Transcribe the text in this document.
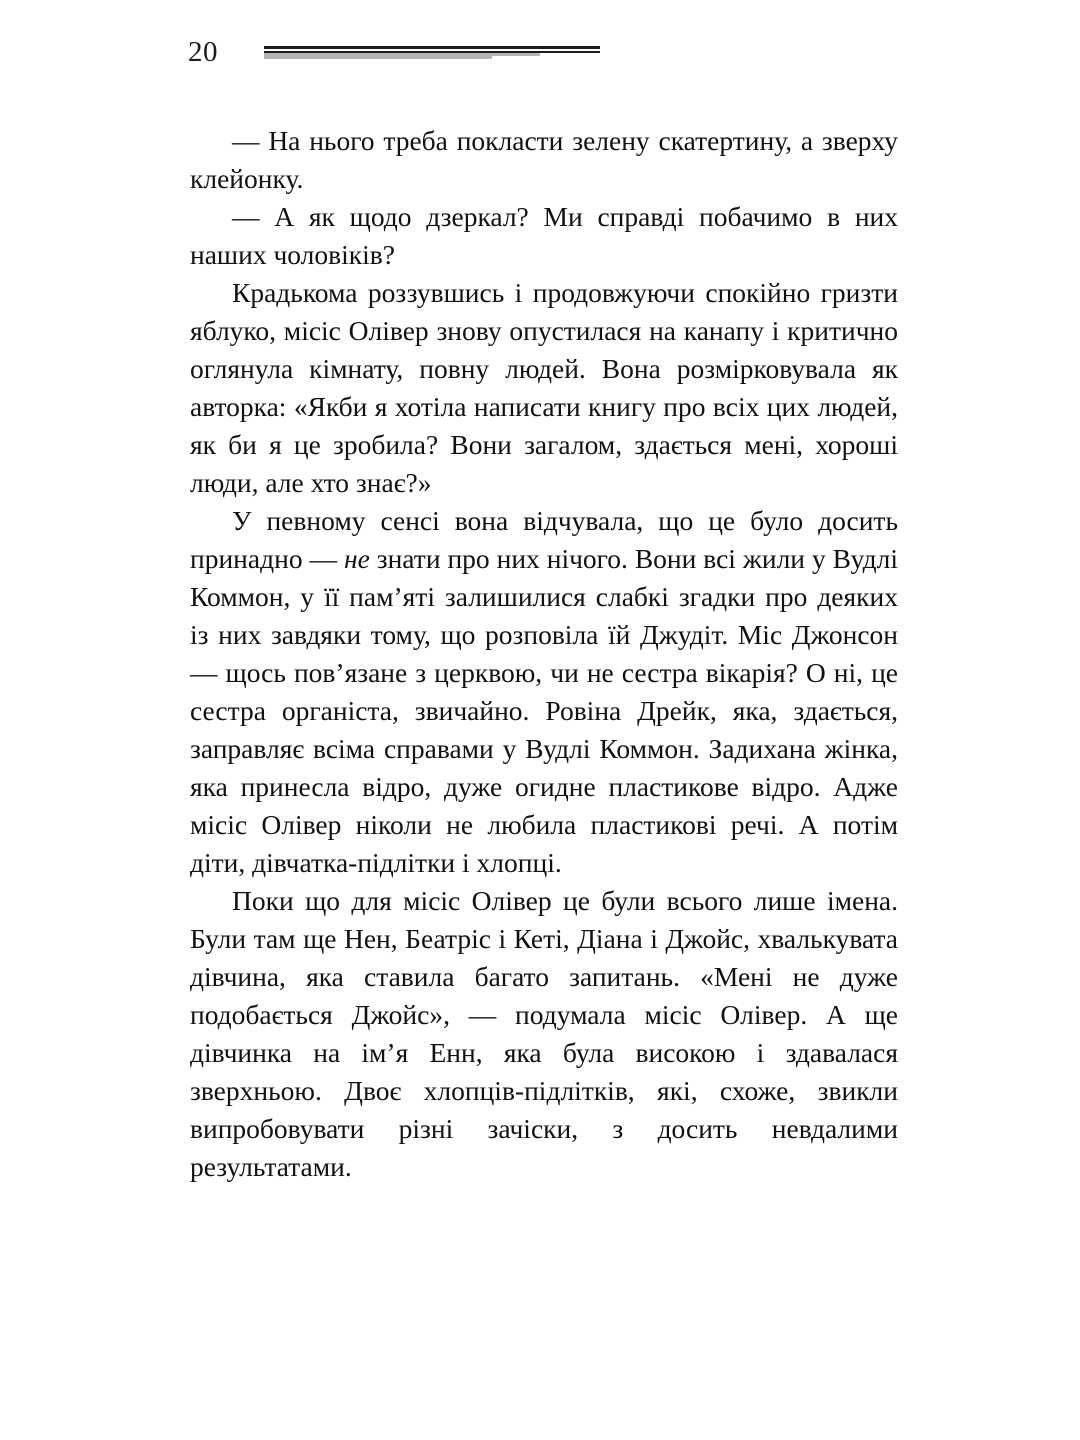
20

— На нього треба покласти зелену скатертину, а зверху клейонку.

— А як щодо дзеркал? Ми справді побачимо в них наших чоловіків?

Крадькома роззувшись і продовжуючи спокійно гризти яблуко, місіс Олівер знову опустилася на канапу і критично оглянула кімнату, повну людей. Вона розмірковувала як авторка: «Якби я хотіла написати книгу про всіх цих людей, як би я це зробила? Вони загалом, здається мені, хороші люди, але хто знає?»

У певному сенсі вона відчувала, що це було досить принадно — не знати про них нічого. Вони всі жили у Вудлі Коммон, у її пам’яті залишилися слабкі згадки про деяких із них завдяки тому, що розповіла їй Джудіт. Міс Джонсон — щось пов’язане з церквою, чи не сестра вікарія? О ні, це сестра органіста, звичайно. Ровіна Дрейк, яка, здається, заправляє всіма справами у Вудлі Коммон. Задихана жінка, яка принесла відро, дуже огидне пластикове відро. Адже місіс Олівер ніколи не любила пластикові речі. А потім діти, дівчатка-підлітки і хлопці.

Поки що для місіс Олівер це були всього лише імена. Були там ще Нен, Беатріс і Кеті, Діана і Джойс, хвалькувата дівчина, яка ставила багато запитань. «Мені не дуже подобається Джойс», — подумала місіс Олівер. А ще дівчинка на ім’я Енн, яка була високою і здавалася зверхньою. Двоє хлопців-підлітків, які, схоже, звикли випробовувати різні зачіски, з досить невдалими результатами.
